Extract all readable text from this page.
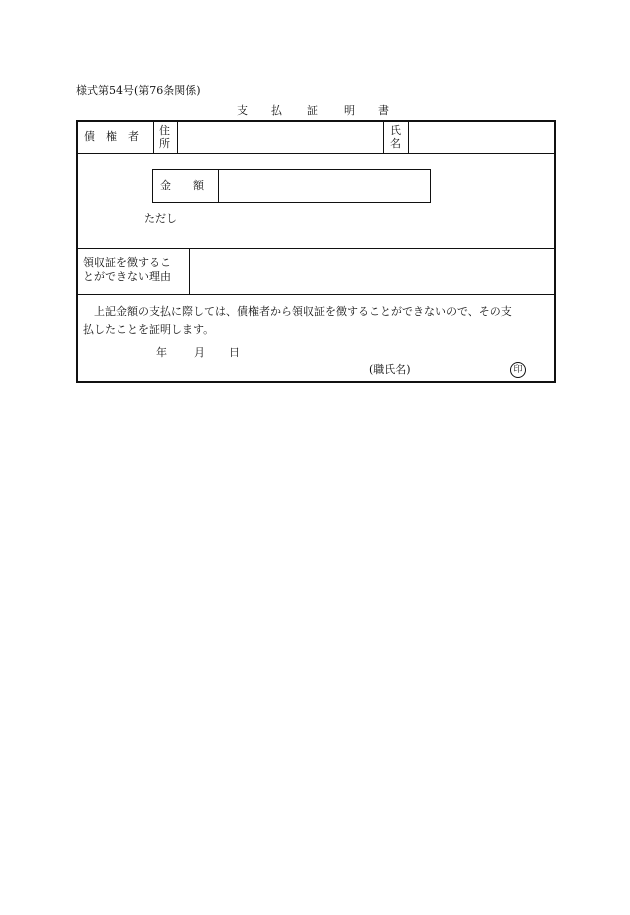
様式第54号(第76条関係)
支 払 証 明 書
債　権　者 住
所
氏
名
金　　額
ただし
領収証を徴するこ
とができない理由
上記金額の支払に際しては、債権者から領収証を徴することができないので、その支
払したことを証明します。
年 月 日
(職氏名)	印
